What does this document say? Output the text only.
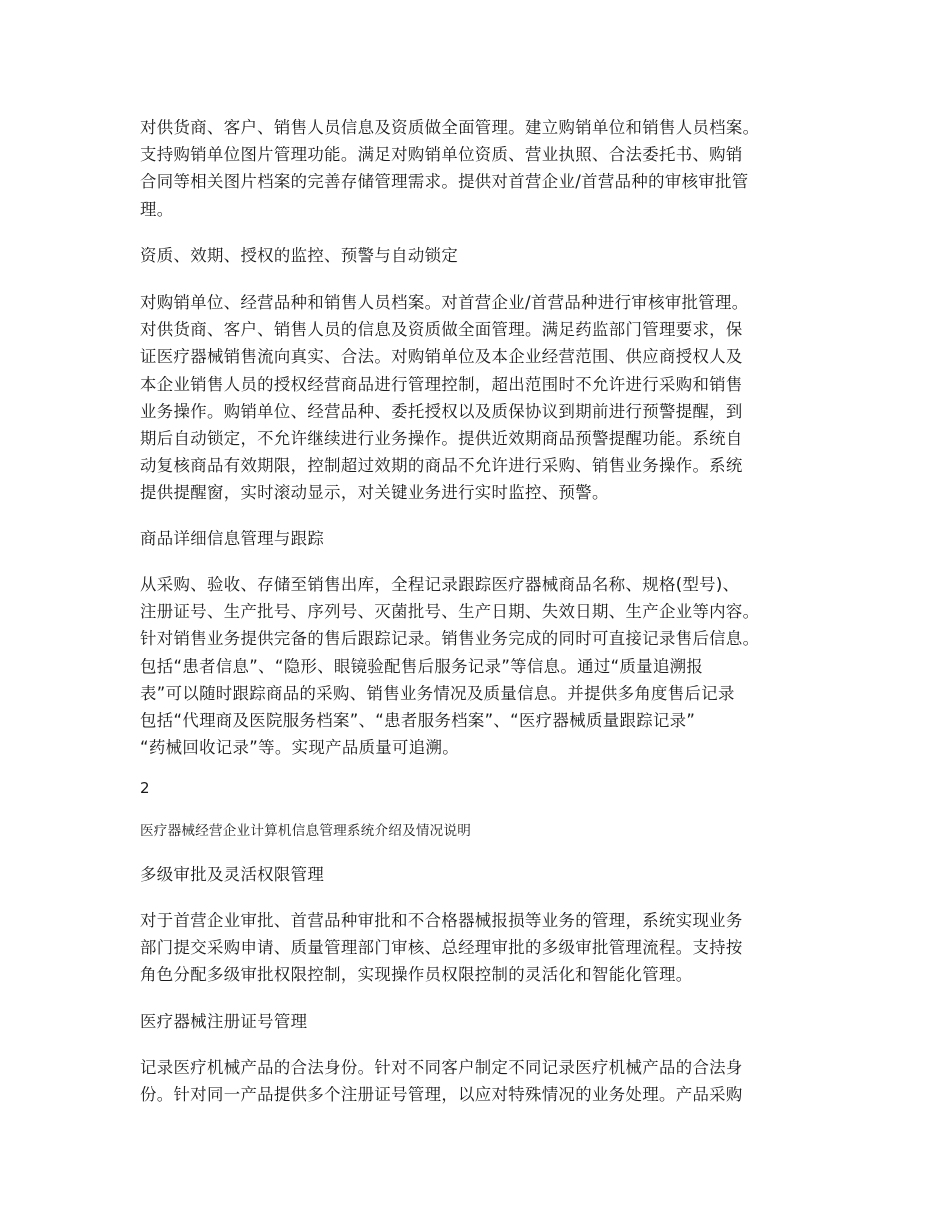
对供货商、客户、销售人员信息及资质做全面管理。建立购销单位和销售人员档案。
支持购销单位图片管理功能。满足对购销单位资质、营业执照、合法委托书、购销
合同等相关图片档案的完善存储管理需求。提供对首营企业/首营品种的审核审批管
理。

资质、效期、授权的监控、预警与自动锁定

对购销单位、经营品种和销售人员档案。对首营企业/首营品种进行审核审批管理。
对供货商、客户、销售人员的信息及资质做全面管理。满足药监部门管理要求，保
证医疗器械销售流向真实、合法。对购销单位及本企业经营范围、供应商授权人及
本企业销售人员的授权经营商品进行管理控制，超出范围时不允许进行采购和销售
业务操作。购销单位、经营品种、委托授权以及质保协议到期前进行预警提醒，到
期后自动锁定，不允许继续进行业务操作。提供近效期商品预警提醒功能。系统自
动复核商品有效期限，控制超过效期的商品不允许进行采购、销售业务操作。系统
提供提醒窗，实时滚动显示，对关键业务进行实时监控、预警。

商品详细信息管理与跟踪

从采购、验收、存储至销售出库，全程记录跟踪医疗器械商品名称、规格(型号)、
注册证号、生产批号、序列号、灭菌批号、生产日期、失效日期、生产企业等内容。
针对销售业务提供完备的售后跟踪记录。销售业务完成的同时可直接记录售后信息。
包括“患者信息”、“隐形、眼镜验配售后服务记录”等信息。通过“质量追溯报
表”可以随时跟踪商品的采购、销售业务情况及质量信息。并提供多角度售后记录
包括“代理商及医院服务档案”、“患者服务档案”、“医疗器械质量跟踪记录”
“药械回收记录”等。实现产品质量可追溯。

2
医疗器械经营企业计算机信息管理系统介绍及情况说明
多级审批及灵活权限管理

对于首营企业审批、首营品种审批和不合格器械报损等业务的管理，系统实现业务
部门提交采购申请、质量管理部门审核、总经理审批的多级审批管理流程。支持按
角色分配多级审批权限控制，实现操作员权限控制的灵活化和智能化管理。

医疗器械注册证号管理

记录医疗机械产品的合法身份。针对不同客户制定不同记录医疗机械产品的合法身
份。针对同一产品提供多个注册证号管理，以应对特殊情况的业务处理。产品采购
